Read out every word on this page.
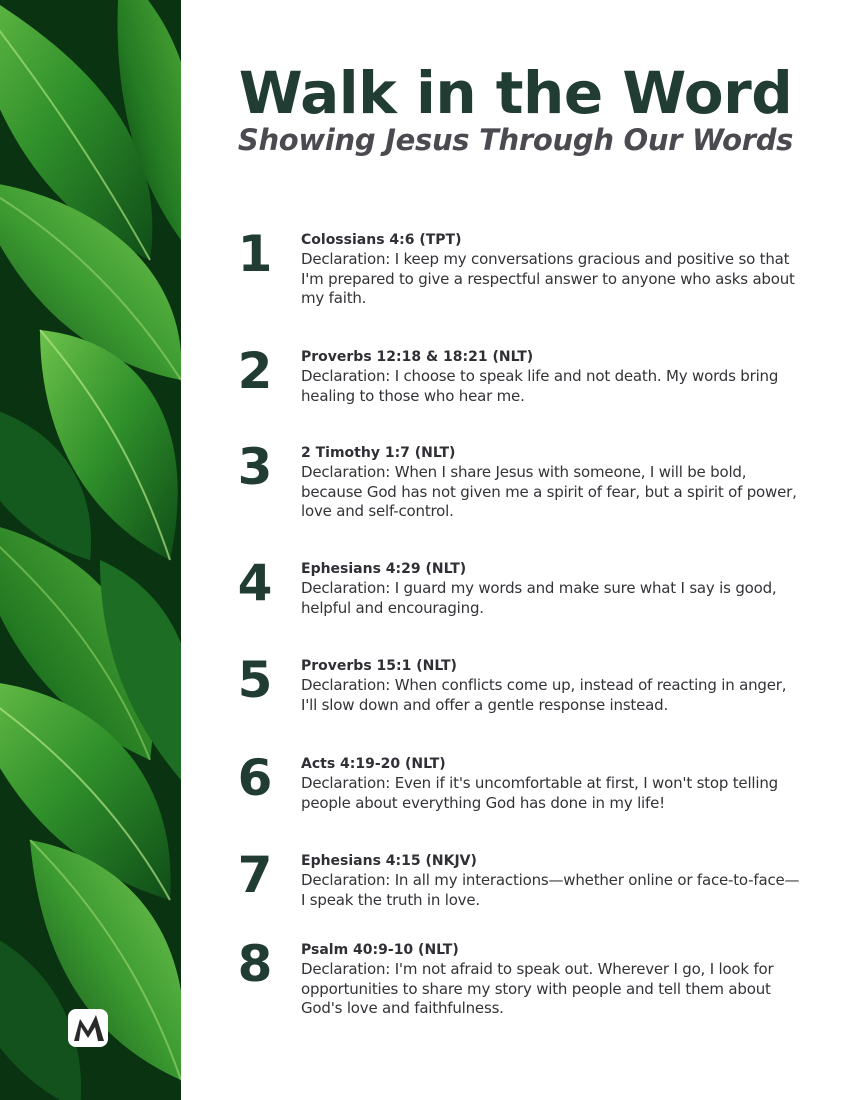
Walk in the Word
Showing Jesus Through Our Words
1	Colossians 4:6 (TPT)

Declaration: I keep my conversations gracious and positive so that I'm prepared to give a respectful answer to anyone who asks about my faith.

2	Proverbs 12:18 & 18:21 (NLT)

Declaration: I choose to speak life and not death. My words bring healing to those who hear me.

3	2 Timothy 1:7 (NLT)

Declaration: When I share Jesus with someone, I will be bold, because God has not given me a spirit of fear, but a spirit of power, love and self-control.

4	Ephesians 4:29 (NLT)

Declaration: I guard my words and make sure what I say is good, helpful and encouraging.

5	Proverbs 15:1 (NLT)

Declaration: When conflicts come up, instead of reacting in anger, I'll slow down and offer a gentle response instead.

6	Acts 4:19-20 (NLT)

Declaration: Even if it's uncomfortable at first, I won't stop telling people about everything God has done in my life!

7	Ephesians 4:15 (NKJV)

Declaration: In all my interactions—whether online or face-to-face—I speak the truth in love.

8	Psalm 40:9-10 (NLT)

Declaration: I'm not afraid to speak out. Wherever I go, I look for opportunities to share my story with people and tell them about God's love and faithfulness.
